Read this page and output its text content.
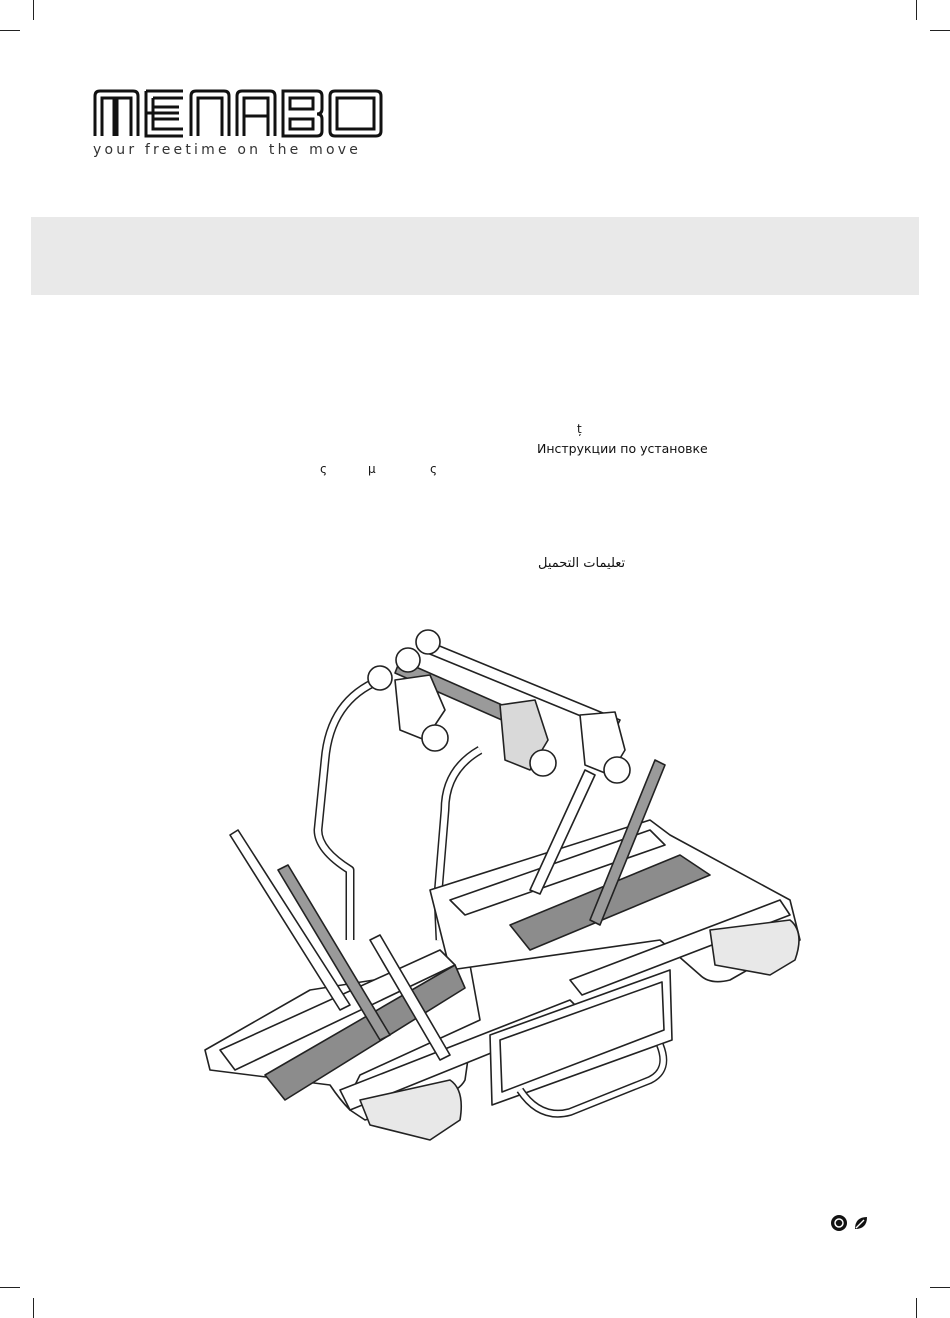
your freetime on the move
ț
Инструкции по установке
ς	μ	ς
تعليمات التحميل
